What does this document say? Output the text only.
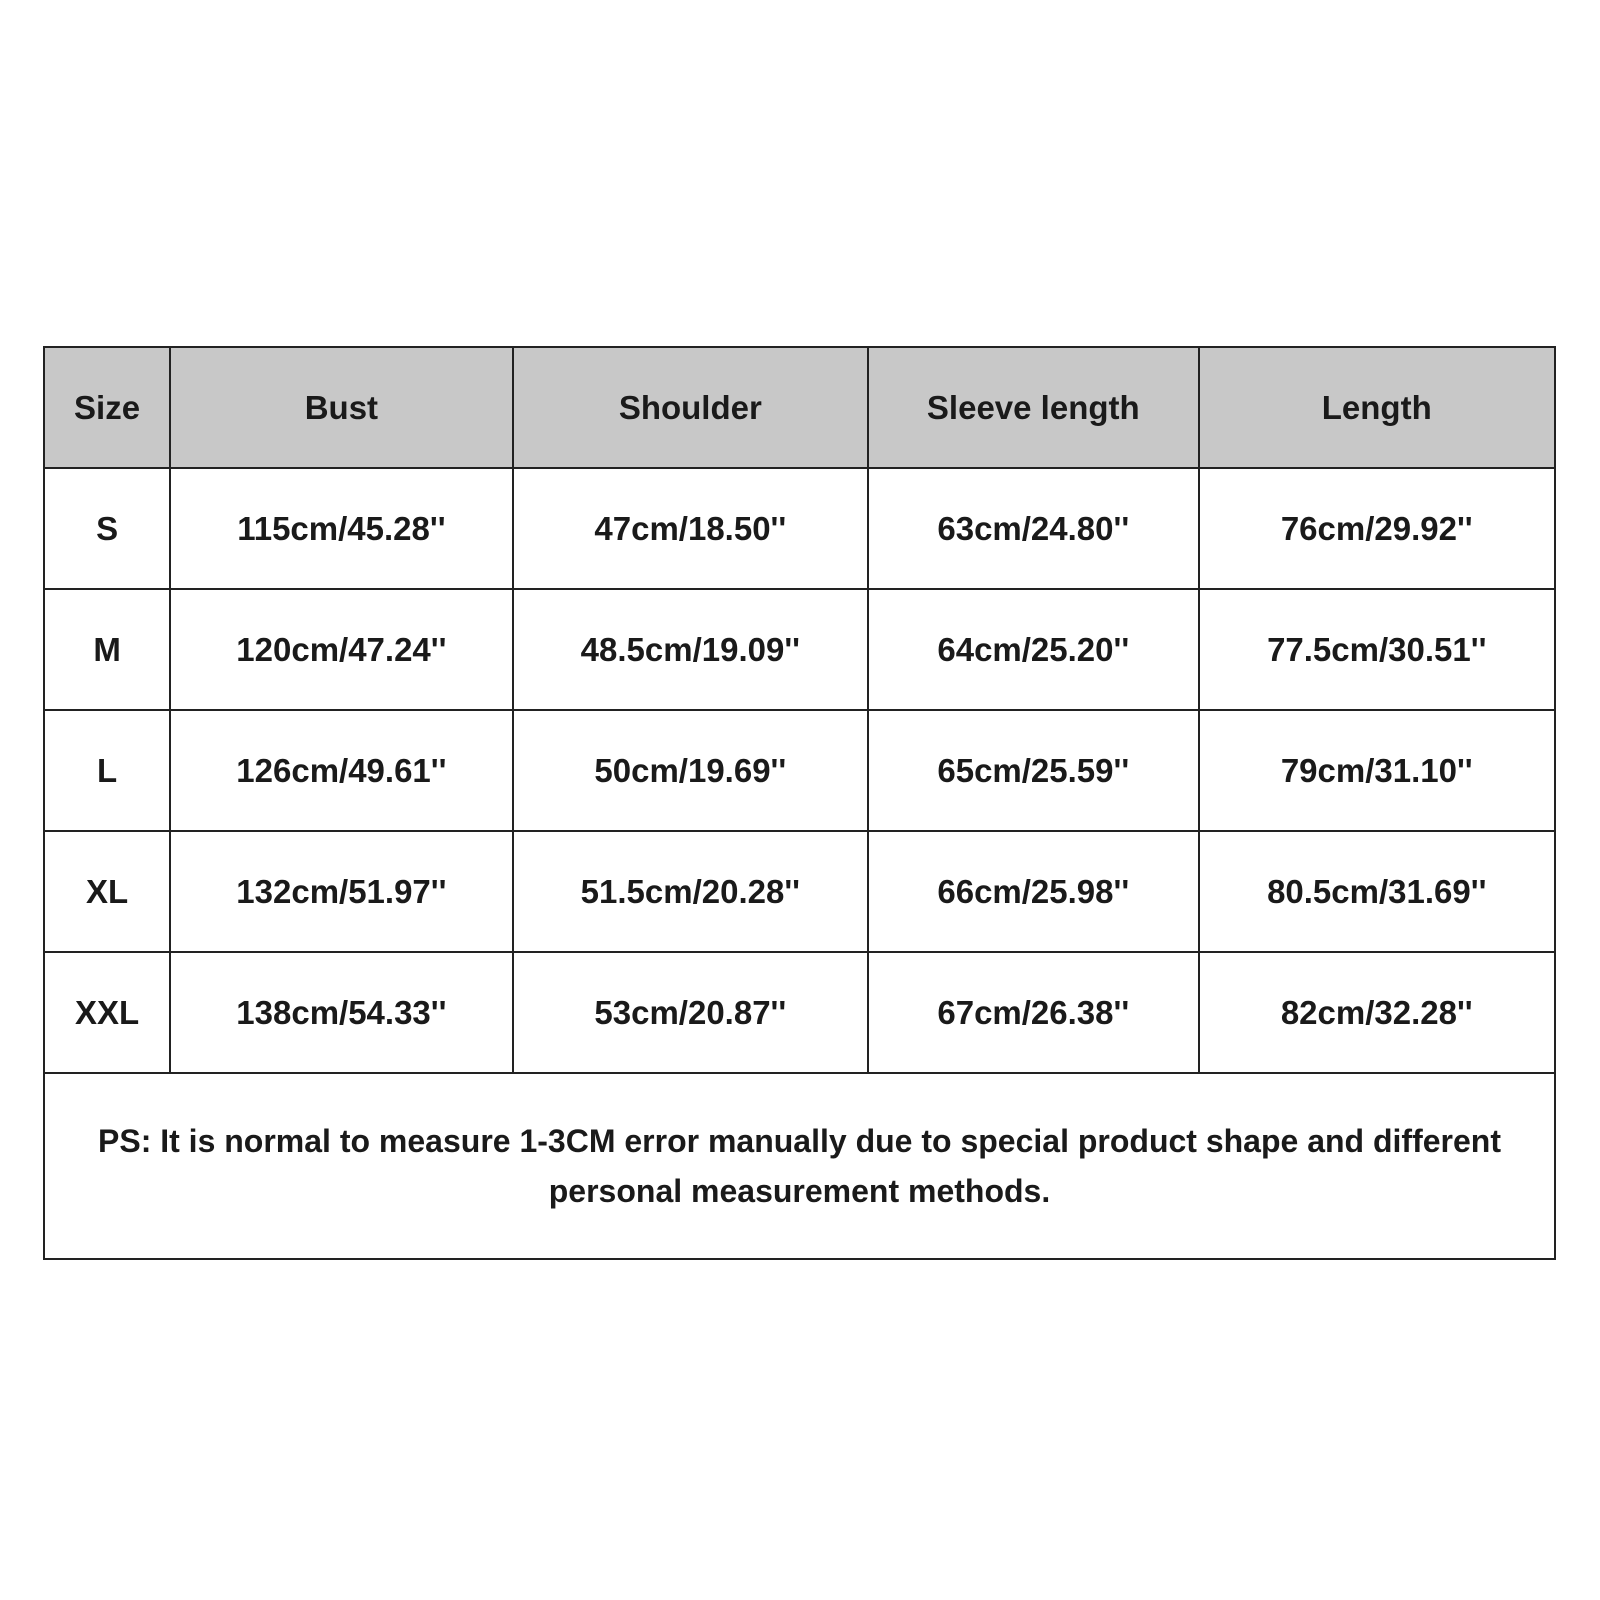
Size	Bust	Shoulder	Sleeve length	Length
S	115cm/45.28''	47cm/18.50''	63cm/24.80''	76cm/29.92''
M	120cm/47.24''	48.5cm/19.09''	64cm/25.20''	77.5cm/30.51''
L	126cm/49.61''	50cm/19.69''	65cm/25.59''	79cm/31.10''
XL	132cm/51.97''	51.5cm/20.28''	66cm/25.98''	80.5cm/31.69''
XXL	138cm/54.33''	53cm/20.87''	67cm/26.38''	82cm/32.28''
PS: It is normal to measure 1-3CM error manually due to special product shape and different personal measurement methods.				
